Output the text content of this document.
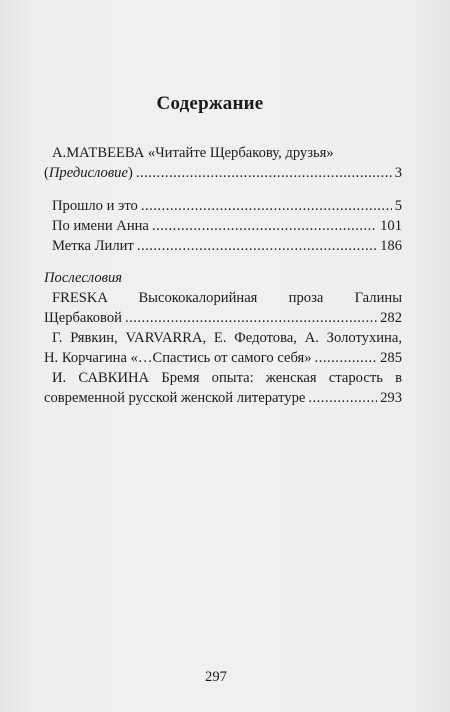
Содержание
А.МАТВЕЕВА «Читайте Щербакову, друзья»
(Предисловие) .....	3
Прошло и это .....	5
По имени Анна .....	101
Метка Лилит .....	186
Послесловия
FRESKA Высококалорийная проза Галины
Щербаковой .....	282
Г. Рявкин, VARVARRA, Е. Федотова, А. Золотухина,
Н. Корчагина «…Спастись от самого себя» .....	285
И. САВКИНА Бремя опыта: женская старость в
современной русской женской литературе .....	293
297
